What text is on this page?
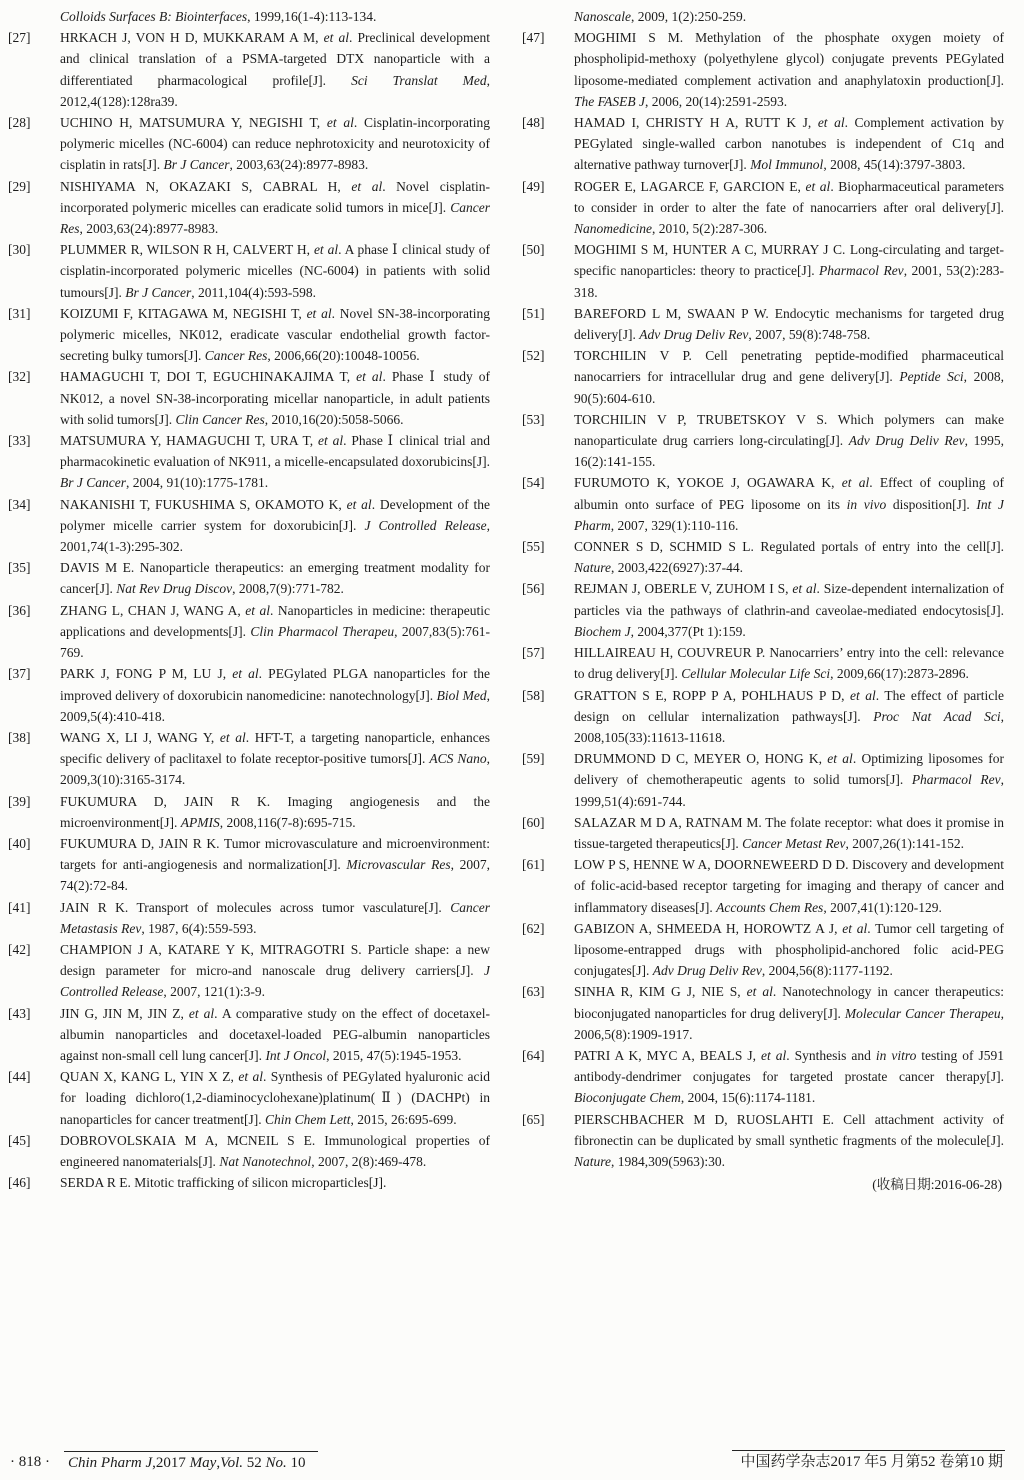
Colloids Surfaces B: Biointerfaces, 1999,16(1-4):113-134.
[27]	HRKACH J, VON H D, MUKKARAM A M, et al. Preclinical development and clinical translation of a PSMA-targeted DTX nanoparticle with a differentiated pharmacological profile[J]. Sci Translat Med, 2012,4(128):128ra39.
[28]	UCHINO H, MATSUMURA Y, NEGISHI T, et al. Cisplatin-incorporating polymeric micelles (NC-6004) can reduce nephrotoxicity and neurotoxicity of cisplatin in rats[J]. Br J Cancer, 2003,63(24):8977-8983.
[29]	NISHIYAMA N, OKAZAKI S, CABRAL H, et al. Novel cisplatin-incorporated polymeric micelles can eradicate solid tumors in mice[J]. Cancer Res, 2003,63(24):8977-8983.
[30]	PLUMMER R, WILSON R H, CALVERT H, et al. A phase Ⅰ clinical study of cisplatin-incorporated polymeric micelles (NC-6004) in patients with solid tumours[J]. Br J Cancer, 2011,104(4):593-598.
[31]	KOIZUMI F, KITAGAWA M, NEGISHI T, et al. Novel SN-38-incorporating polymeric micelles, NK012, eradicate vascular endothelial growth factor-secreting bulky tumors[J]. Cancer Res, 2006,66(20):10048-10056.
[32]	HAMAGUCHI T, DOI T, EGUCHINAKAJIMA T, et al. Phase Ⅰ study of NK012, a novel SN-38-incorporating micellar nanoparticle, in adult patients with solid tumors[J]. Clin Cancer Res, 2010,16(20):5058-5066.
[33]	MATSUMURA Y, HAMAGUCHI T, URA T, et al. Phase Ⅰ clinical trial and pharmacokinetic evaluation of NK911, a micelle-encapsulated doxorubicins[J]. Br J Cancer, 2004, 91(10):1775-1781.
[34]	NAKANISHI T, FUKUSHIMA S, OKAMOTO K, et al. Development of the polymer micelle carrier system for doxorubicin[J]. J Controlled Release, 2001,74(1-3):295-302.
[35]	DAVIS M E. Nanoparticle therapeutics: an emerging treatment modality for cancer[J]. Nat Rev Drug Discov, 2008,7(9):771-782.
[36]	ZHANG L, CHAN J, WANG A, et al. Nanoparticles in medicine: therapeutic applications and developments[J]. Clin Pharmacol Therapeu, 2007,83(5):761-769.
[37]	PARK J, FONG P M, LU J, et al. PEGylated PLGA nanoparticles for the improved delivery of doxorubicin nanomedicine: nanotechnology[J]. Biol Med, 2009,5(4):410-418.
[38]	WANG X, LI J, WANG Y, et al. HFT-T, a targeting nanoparticle, enhances specific delivery of paclitaxel to folate receptor-positive tumors[J]. ACS Nano, 2009,3(10):3165-3174.
[39]	FUKUMURA D, JAIN R K. Imaging angiogenesis and the microenvironment[J]. APMIS, 2008,116(7-8):695-715.
[40]	FUKUMURA D, JAIN R K. Tumor microvasculature and microenvironment: targets for anti-angiogenesis and normalization[J]. Microvascular Res, 2007, 74(2):72-84.
[41]	JAIN R K. Transport of molecules across tumor vasculature[J]. Cancer Metastasis Rev, 1987, 6(4):559-593.
[42]	CHAMPION J A, KATARE Y K, MITRAGOTRI S. Particle shape: a new design parameter for micro-and nanoscale drug delivery carriers[J]. J Controlled Release, 2007, 121(1):3-9.
[43]	JIN G, JIN M, JIN Z, et al. A comparative study on the effect of docetaxel-albumin nanoparticles and docetaxel-loaded PEG-albumin nanoparticles against non-small cell lung cancer[J]. Int J Oncol, 2015, 47(5):1945-1953.
[44]	QUAN X, KANG L, YIN X Z, et al. Synthesis of PEGylated hyaluronic acid for loading dichloro(1,2-diaminocyclohexane)platinum(Ⅱ) (DACHPt) in nanoparticles for cancer treatment[J]. Chin Chem Lett, 2015, 26:695-699.
[45]	DOBROVOLSKAIA M A, MCNEIL S E. Immunological properties of engineered nanomaterials[J]. Nat Nanotechnol, 2007, 2(8):469-478.
[46]	SERDA R E. Mitotic trafficking of silicon microparticles[J].
Nanoscale, 2009, 1(2):250-259.
[47]	MOGHIMI S M. Methylation of the phosphate oxygen moiety of phospholipid-methoxy (polyethylene glycol) conjugate prevents PEGylated liposome-mediated complement activation and anaphylatoxin production[J]. The FASEB J, 2006, 20(14):2591-2593.
[48]	HAMAD I, CHRISTY H A, RUTT K J, et al. Complement activation by PEGylated single-walled carbon nanotubes is independent of C1q and alternative pathway turnover[J]. Mol Immunol, 2008, 45(14):3797-3803.
[49]	ROGER E, LAGARCE F, GARCION E, et al. Biopharmaceutical parameters to consider in order to alter the fate of nanocarriers after oral delivery[J]. Nanomedicine, 2010, 5(2):287-306.
[50]	MOGHIMI S M, HUNTER A C, MURRAY J C. Long-circulating and target-specific nanoparticles: theory to practice[J]. Pharmacol Rev, 2001, 53(2):283-318.
[51]	BAREFORD L M, SWAAN P W. Endocytic mechanisms for targeted drug delivery[J]. Adv Drug Deliv Rev, 2007, 59(8):748-758.
[52]	TORCHILIN V P. Cell penetrating peptide-modified pharmaceutical nanocarriers for intracellular drug and gene delivery[J]. Peptide Sci, 2008, 90(5):604-610.
[53]	TORCHILIN V P, TRUBETSKOY V S. Which polymers can make nanoparticulate drug carriers long-circulating[J]. Adv Drug Deliv Rev, 1995, 16(2):141-155.
[54]	FURUMOTO K, YOKOE J, OGAWARA K, et al. Effect of coupling of albumin onto surface of PEG liposome on its in vivo disposition[J]. Int J Pharm, 2007, 329(1):110-116.
[55]	CONNER S D, SCHMID S L. Regulated portals of entry into the cell[J]. Nature, 2003,422(6927):37-44.
[56]	REJMAN J, OBERLE V, ZUHOM I S, et al. Size-dependent internalization of particles via the pathways of clathrin-and caveolae-mediated endocytosis[J]. Biochem J, 2004,377(Pt 1):159.
[57]	HILLAIREAU H, COUVREUR P. Nanocarriers’ entry into the cell: relevance to drug delivery[J]. Cellular Molecular Life Sci, 2009,66(17):2873-2896.
[58]	GRATTON S E, ROPP P A, POHLHAUS P D, et al. The effect of particle design on cellular internalization pathways[J]. Proc Nat Acad Sci, 2008,105(33):11613-11618.
[59]	DRUMMOND D C, MEYER O, HONG K, et al. Optimizing liposomes for delivery of chemotherapeutic agents to solid tumors[J]. Pharmacol Rev, 1999,51(4):691-744.
[60]	SALAZAR M D A, RATNAM M. The folate receptor: what does it promise in tissue-targeted therapeutics[J]. Cancer Metast Rev, 2007,26(1):141-152.
[61]	LOW P S, HENNE W A, DOORNEWEERD D D. Discovery and development of folic-acid-based receptor targeting for imaging and therapy of cancer and inflammatory diseases[J]. Accounts Chem Res, 2007,41(1):120-129.
[62]	GABIZON A, SHMEEDA H, HOROWTZ A J, et al. Tumor cell targeting of liposome-entrapped drugs with phospholipid-anchored folic acid-PEG conjugates[J]. Adv Drug Deliv Rev, 2004,56(8):1177-1192.
[63]	SINHA R, KIM G J, NIE S, et al. Nanotechnology in cancer therapeutics: bioconjugated nanoparticles for drug delivery[J]. Molecular Cancer Therapeu, 2006,5(8):1909-1917.
[64]	PATRI A K, MYC A, BEALS J, et al. Synthesis and in vitro testing of J591 antibody-dendrimer conjugates for targeted prostate cancer therapy[J]. Bioconjugate Chem, 2004, 15(6):1174-1181.
[65]	PIERSCHBACHER M D, RUOSLAHTI E. Cell attachment activity of fibronectin can be duplicated by small synthetic fragments of the molecule[J]. Nature, 1984,309(5963):30.
(收稿日期:2016-06-28)
· 818 · Chin Pharm J,2017 May,Vol. 52 No. 10	中国药学杂志2017 年5 月第52 卷第10 期
